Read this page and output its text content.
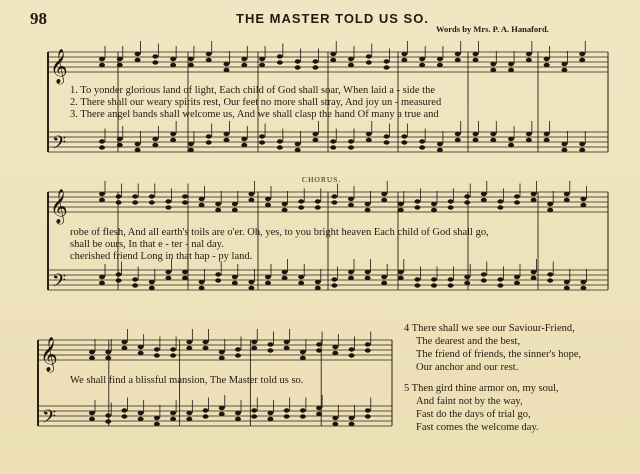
𝄞
𝄢
𝄞
𝄢
𝄞
𝄢
98	THE MASTER TOLD US SO.
Words by Mrs. P. A. Hanaford.
1. To yonder glorious land of light, Each child of God shall soar, When laid a - side the
2. There shall our weary spirits rest, Our feet no more shall stray, And joy un - measured
3. There angel bands shall welcome us, And we shall clasp the hand Of many a true and
CHORUS.
robe of flesh, And all earth's toils are o'er. Oh, yes, to you bright heaven Each child of God shall go,
shall be ours, In that e - ter - nal day.
cherished friend Long in that hap - py land.
We shall find a blissful mansion, The Master told us so.
4 There shall we see our Saviour-Friend,
The dearest and the best,
The friend of friends, the sinner's hope,
Our anchor and our rest.
5 Then gird thine armor on, my soul,
And faint not by the way,
Fast do the days of trial go,
Fast comes the welcome day.
